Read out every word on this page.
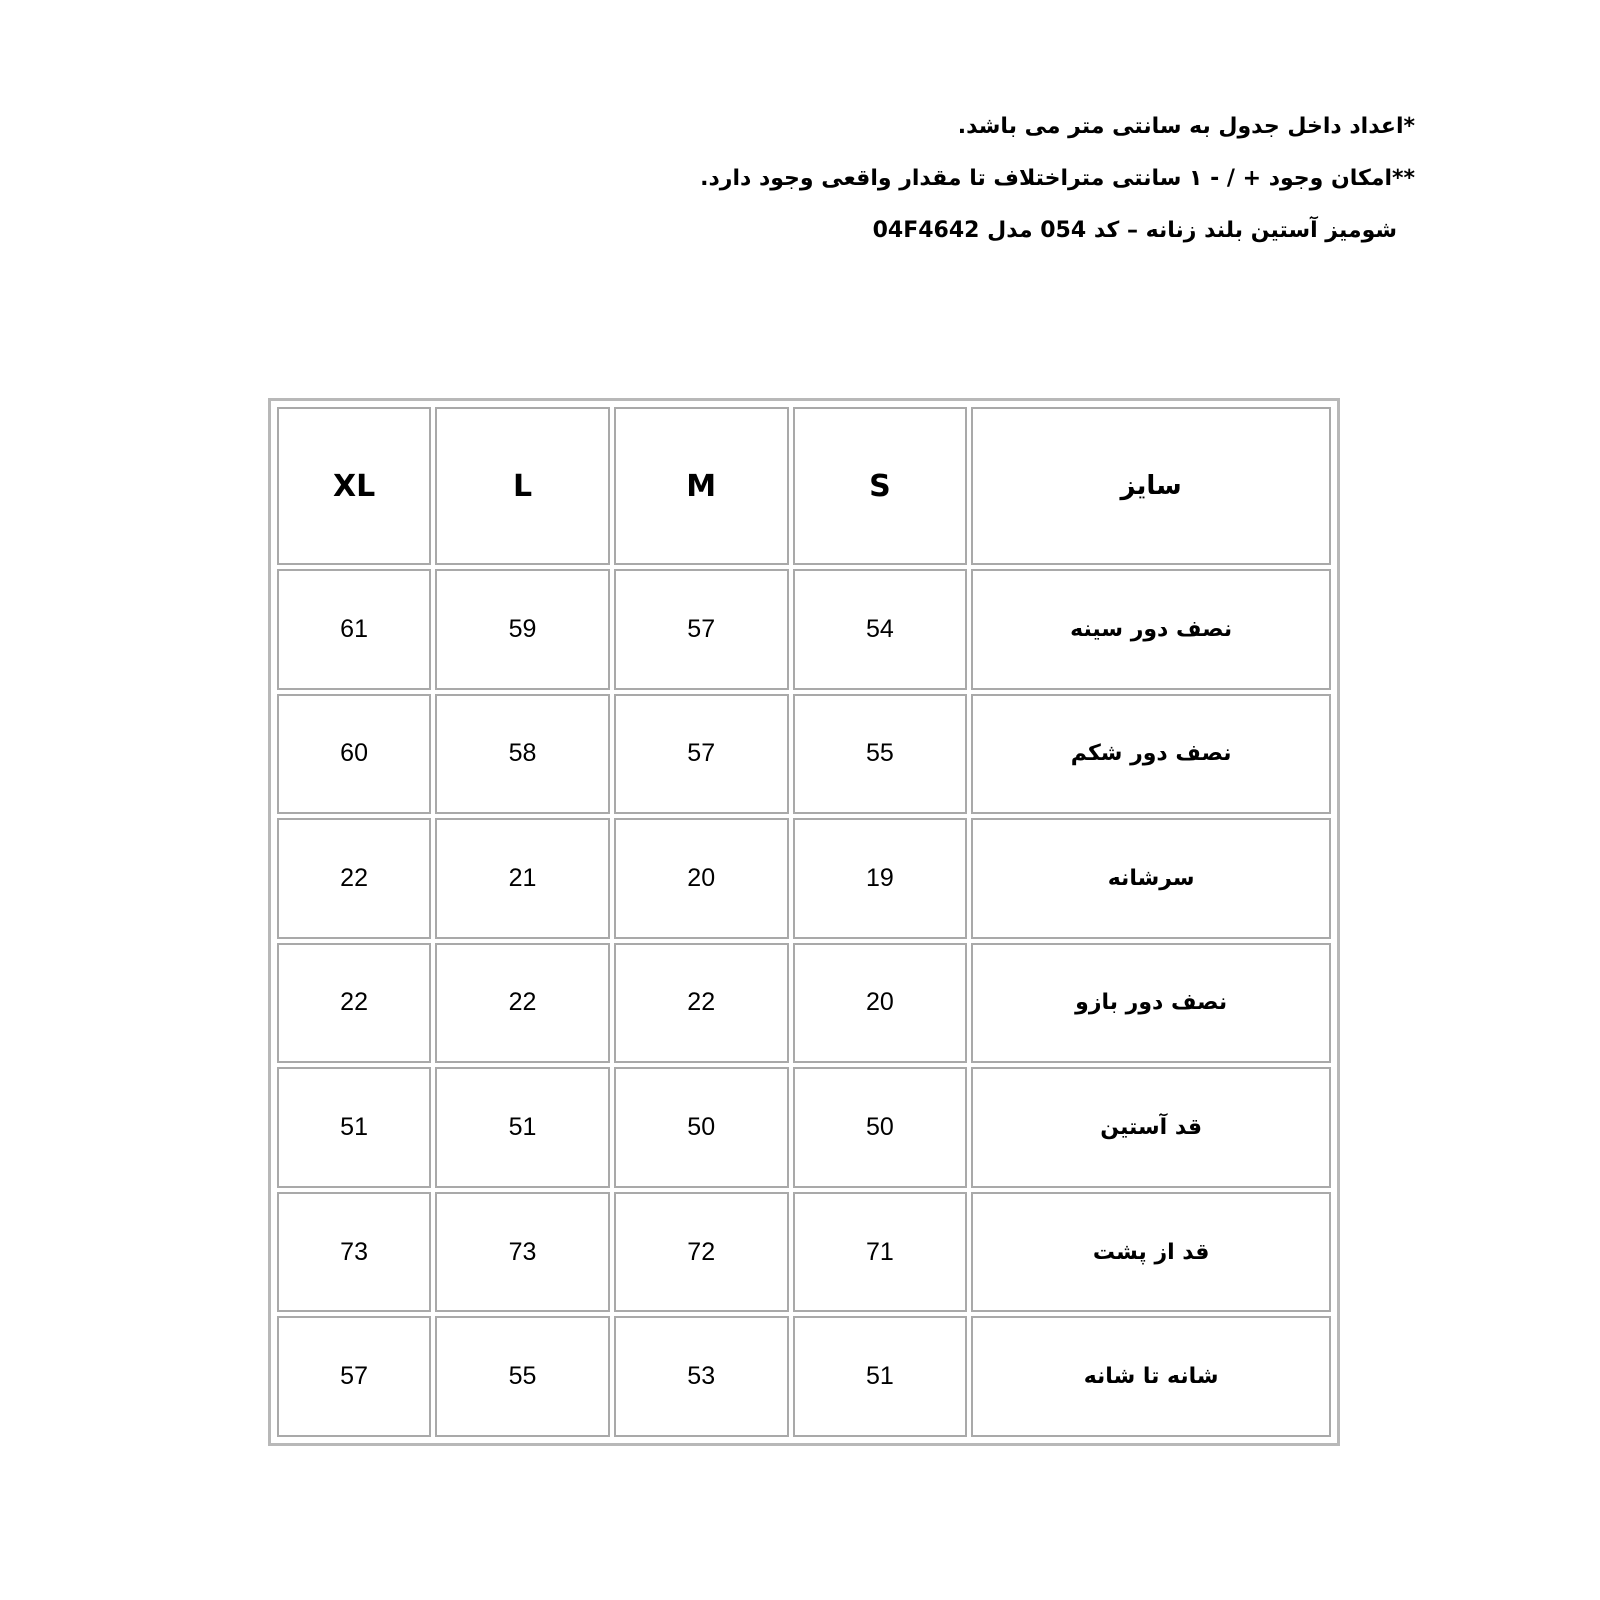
*اعداد داخل جدول به سانتی متر می باشد.
**امکان وجود + / - ۱ سانتی متراختلاف تا مقدار واقعی وجود دارد.
شومیز آستین بلند زنانه – کد 054 مدل 04F4642
XL	L	M	S	سایز
61	59	57	54	نصف دور سینه
60	58	57	55	نصف دور شکم
22	21	20	19	سرشانه
22	22	22	20	نصف دور بازو
51	51	50	50	قد آستین
73	73	72	71	قد از پشت
57	55	53	51	شانه تا شانه
